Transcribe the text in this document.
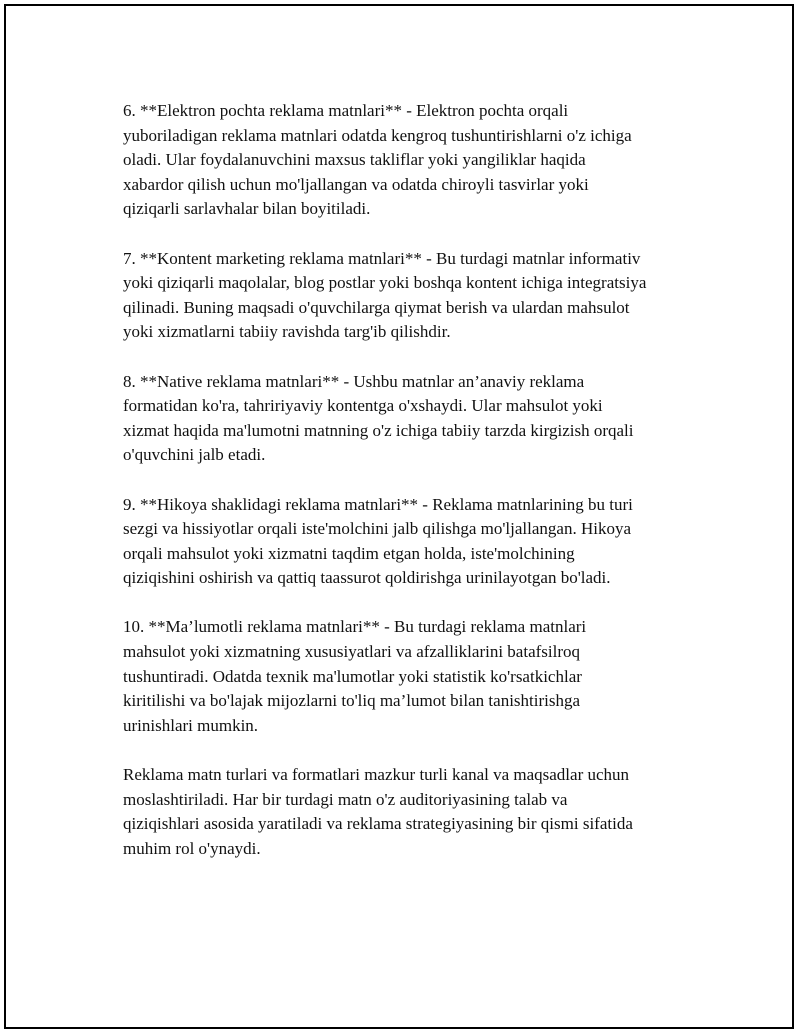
6. **Elektron pochta reklama matnlari** - Elektron pochta orqali
yuboriladigan reklama matnlari odatda kengroq tushuntirishlarni o'z ichiga
oladi. Ular foydalanuvchini maxsus takliflar yoki yangiliklar haqida
xabardor qilish uchun mo'ljallangan va odatda chiroyli tasvirlar yoki
qiziqarli sarlavhalar bilan boyitiladi.

7. **Kontent marketing reklama matnlari** - Bu turdagi matnlar informativ
yoki qiziqarli maqolalar, blog postlar yoki boshqa kontent ichiga integratsiya
qilinadi. Buning maqsadi o'quvchilarga qiymat berish va ulardan mahsulot
yoki xizmatlarni tabiiy ravishda targ'ib qilishdir.

8. **Native reklama matnlari** - Ushbu matnlar an’anaviy reklama
formatidan ko'ra, tahririyaviy kontentga o'xshaydi. Ular mahsulot yoki
xizmat haqida ma'lumotni matnning o'z ichiga tabiiy tarzda kirgizish orqali
o'quvchini jalb etadi.

9. **Hikoya shaklidagi reklama matnlari** - Reklama matnlarining bu turi
sezgi va hissiyotlar orqali iste'molchini jalb qilishga mo'ljallangan. Hikoya
orqali mahsulot yoki xizmatni taqdim etgan holda, iste'molchining
qiziqishini oshirish va qattiq taassurot qoldirishga urinilayotgan bo'ladi.

10. **Ma’lumotli reklama matnlari** - Bu turdagi reklama matnlari
mahsulot yoki xizmatning xususiyatlari va afzalliklarini batafsilroq
tushuntiradi. Odatda texnik ma'lumotlar yoki statistik ko'rsatkichlar
kiritilishi va bo'lajak mijozlarni to'liq ma’lumot bilan tanishtirishga
urinishlari mumkin.

Reklama matn turlari va formatlari mazkur turli kanal va maqsadlar uchun
moslashtiriladi. Har bir turdagi matn o'z auditoriyasining talab va
qiziqishlari asosida yaratiladi va reklama strategiyasining bir qismi sifatida
muhim rol o'ynaydi.
